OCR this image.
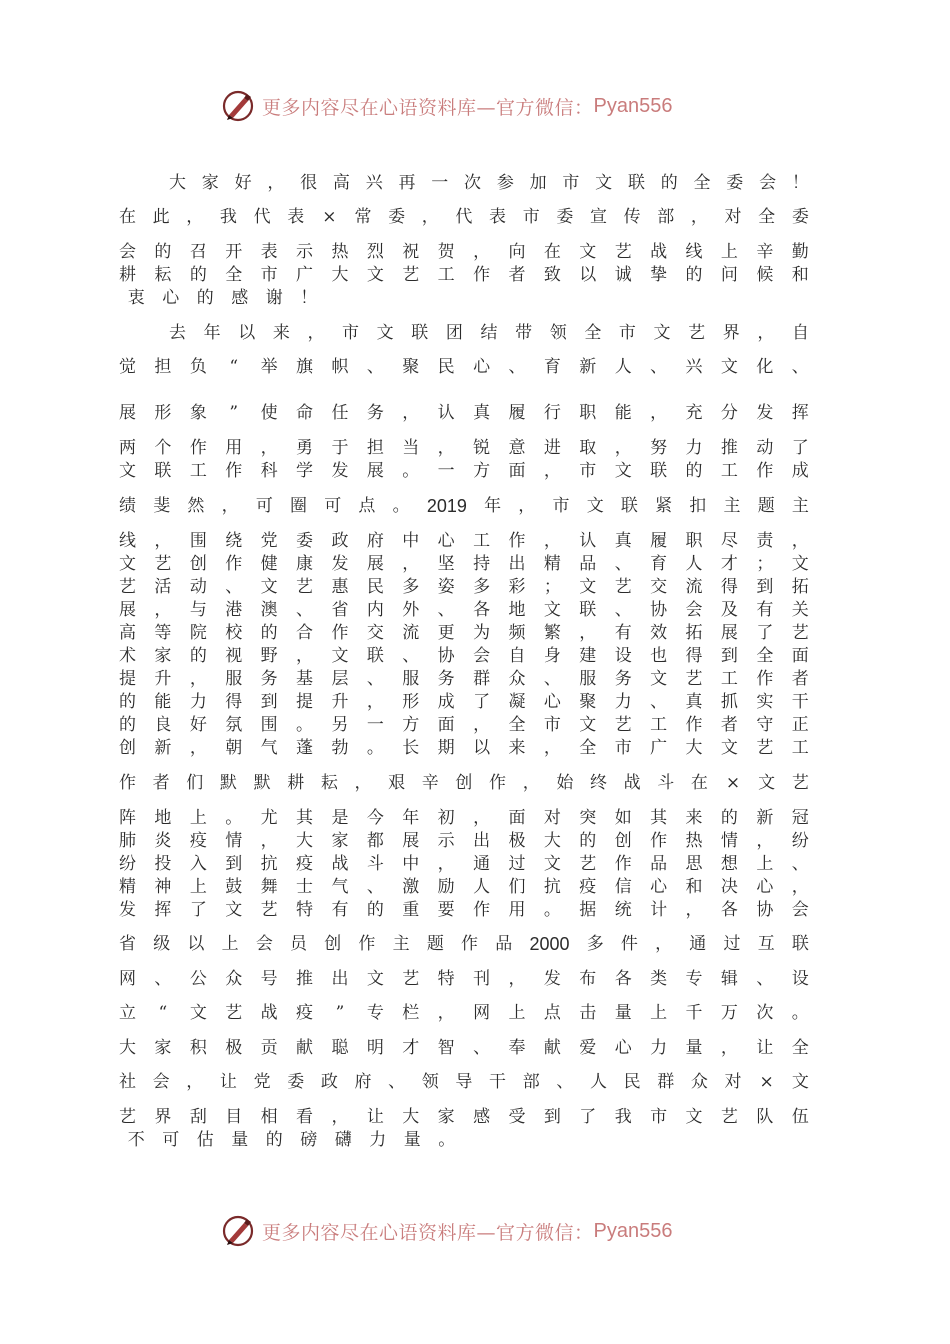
更多内容尽在心语资料库—官方微信： Pyan556
大 家 好 ， 很 高 兴 再 一 次 参 加 市 文 联 的 全 委 会 ！
在 此 ， 我 代 表 × 常 委 ， 代 表 市 委 宣 传 部 ， 对 全 委
会 的 召 开 表 示 热 烈 祝 贺 ， 向 在 文 艺 战 线 上 辛 勤
耕 耘 的 全 市 广 大 文 艺 工 作 者 致 以 诚 挚 的 问 候 和
衷	心	的	感	谢	！
去 年 以 来 ， 市 文 联 团 结 带 领 全 市 文 艺 界 ， 自
觉 担 负 “ 举 旗 帜 、 聚 民 心 、 育 新 人 、 兴 文 化 、
展 形 象 ” 使 命 任 务 ， 认 真 履 行 职 能 ， 充 分 发 挥
两 个 作 用 ， 勇 于 担 当 ， 锐 意 进 取 ， 努 力 推 动 了
文 联 工 作 科 学 发 展 。 一 方 面 ， 市 文 联 的 工 作 成
绩 斐 然 ， 可 圈 可 点 。 2019 年 ， 市 文 联 紧 扣 主 题 主
线 ， 围 绕 党 委 政 府 中 心 工 作 ， 认 真 履 职 尽 责 ，
文 艺 创 作 健 康 发 展 ， 坚 持 出 精 品 、 育 人 才 ； 文
艺 活 动 、 文 艺 惠 民 多 姿 多 彩 ； 文 艺 交 流 得 到 拓
展 ， 与 港 澳 、 省 内 外 、 各 地 文 联 、 协 会 及 有 关
高 等 院 校 的 合 作 交 流 更 为 频 繁 ， 有 效 拓 展 了 艺
术 家 的 视 野 ， 文 联 、 协 会 自 身 建 设 也 得 到 全 面
提 升 ， 服 务 基 层 、 服 务 群 众 、 服 务 文 艺 工 作 者
的 能 力 得 到 提 升 ， 形 成 了 凝 心 聚 力 、 真 抓 实 干
的 良 好 氛 围 。 另 一 方 面 ， 全 市 文 艺 工 作 者 守 正
创 新 ， 朝 气 蓬 勃 。 长 期 以 来 ， 全 市 广 大 文 艺 工
作 者 们 默 默 耕 耘 ， 艰 辛 创 作 ， 始 终 战 斗 在 × 文 艺
阵 地 上 。 尤 其 是 今 年 初 ， 面 对 突 如 其 来 的 新 冠
肺 炎 疫 情 ， 大 家 都 展 示 出 极 大 的 创 作 热 情 ， 纷
纷 投 入 到 抗 疫 战 斗 中 ， 通 过 文 艺 作 品 思 想 上 、
精 神 上 鼓 舞 士 气 、 激 励 人 们 抗 疫 信 心 和 决 心 ，
发 挥 了 文 艺 特 有 的 重 要 作 用 。 据 统 计 ， 各 协 会
省 级 以 上 会 员 创 作 主 题 作 品 2000 多 件 ， 通 过 互 联
网 、 公 众 号 推 出 文 艺 特 刊 ， 发 布 各 类 专 辑 、 设
立 “ 文 艺 战 疫 ” 专 栏 ， 网 上 点 击 量 上 千 万 次 。
大 家 积 极 贡 献 聪 明 才 智 、 奉 献 爱 心 力 量 ， 让 全
社 会 ， 让 党 委 政 府 、 领 导 干 部 、 人 民 群 众 对 × 文
艺 界 刮 目 相 看 ， 让 大 家 感 受 到 了 我 市 文 艺 队 伍
不	可	估	量	的	磅	礴	力	量	。
更多内容尽在心语资料库—官方微信： Pyan556
